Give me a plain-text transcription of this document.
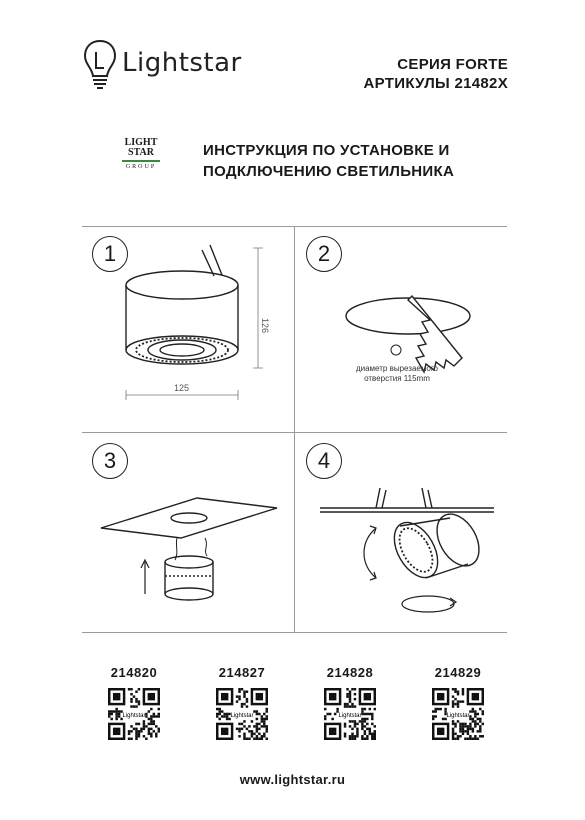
Lightstar	СЕРИЯ FORTE
АРТИКУЛЫ 21482X
LIGHT
STAR
GROUP
ИНСТРУКЦИЯ ПО УСТАНОВКЕ И
ПОДКЛЮЧЕНИЮ СВЕТИЛЬНИКА
1
125
126
2
диаметр вырезаемого
отверстия 115mm
3	4
214820	214827	214828	214829
Lightstar	Lightstar	Lightstar	Lightstar
www.lightstar.ru
